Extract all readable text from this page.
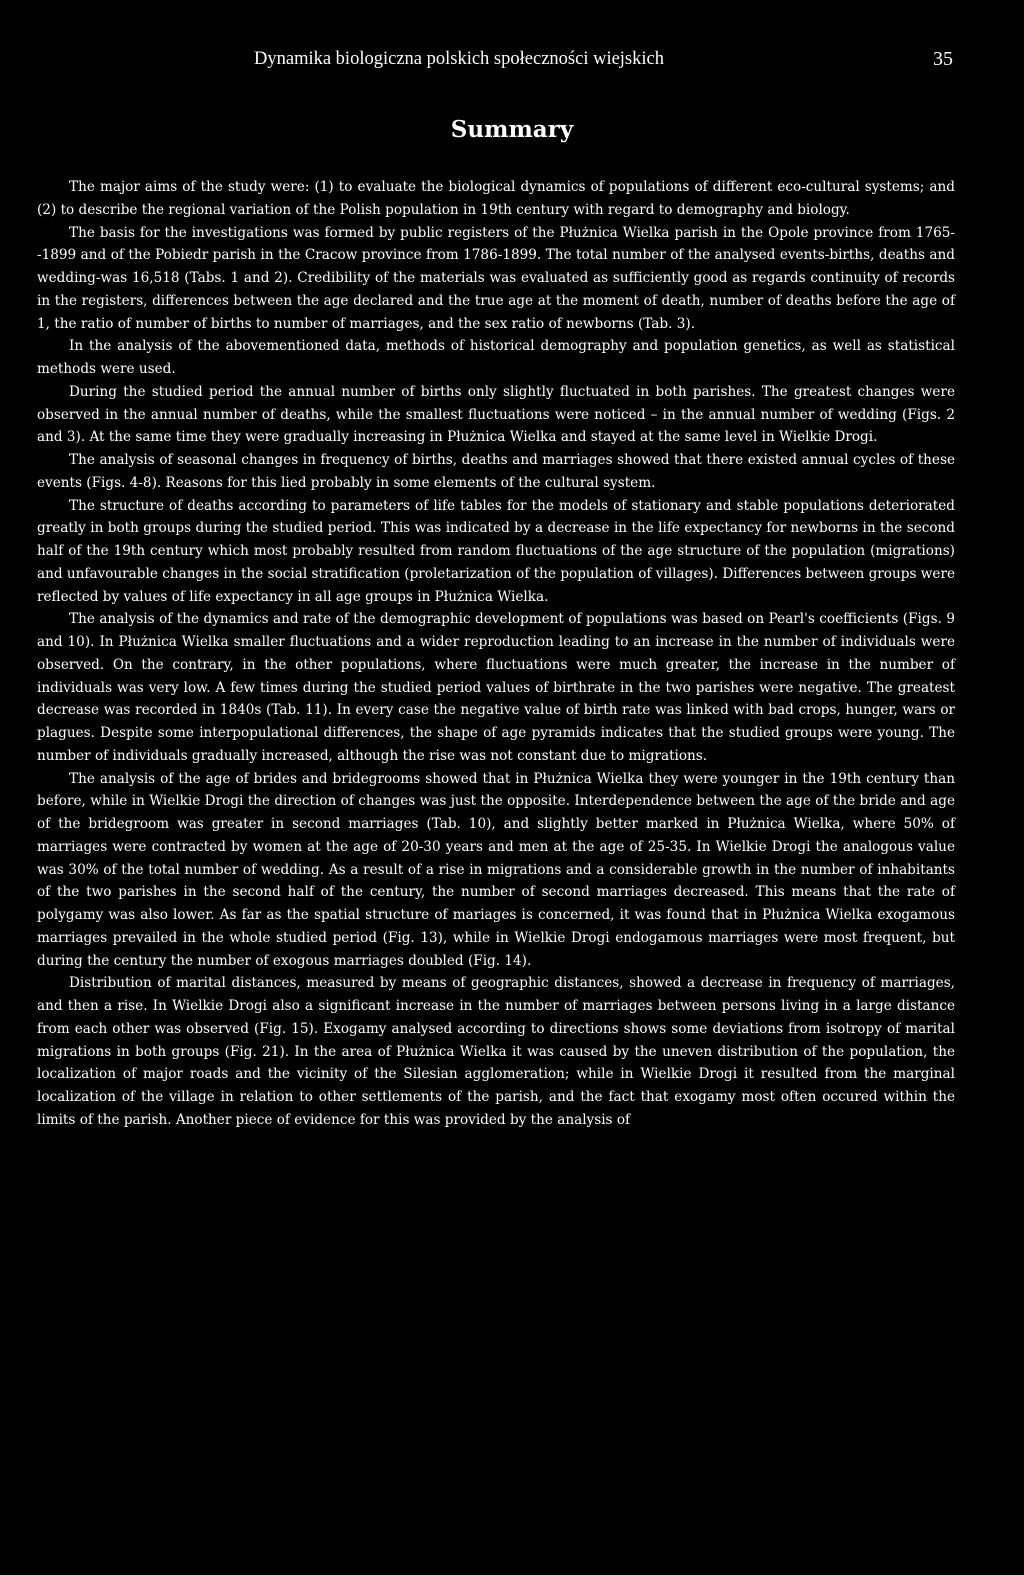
Dynamika biologiczna polskich społeczności wiejskich	35
Summary

The major aims of the study were: (1) to evaluate the biological dynamics of populations of different eco-cultural systems; and (2) to describe the regional variation of the Polish population in 19th century with regard to demography and biology.

The basis for the investigations was formed by public registers of the Płużnica Wielka parish in the Opole province from 1765--1899 and of the Pobiedr parish in the Cracow province from 1786-1899. The total number of the analysed events-births, deaths and wedding-was 16,518 (Tabs. 1 and 2). Credibility of the materials was evaluated as sufficiently good as regards continuity of records in the registers, differences between the age declared and the true age at the moment of death, number of deaths before the age of 1, the ratio of number of births to number of marriages, and the sex ratio of newborns (Tab. 3).

In the analysis of the abovementioned data, methods of historical demography and population genetics, as well as statistical methods were used.

During the studied period the annual number of births only slightly fluctuated in both parishes. The greatest changes were observed in the annual number of deaths, while the smallest fluctuations were noticed – in the annual number of wedding (Figs. 2 and 3). At the same time they were gradually increasing in Płużnica Wielka and stayed at the same level in Wielkie Drogi.

The analysis of seasonal changes in frequency of births, deaths and marriages showed that there existed annual cycles of these events (Figs. 4-8). Reasons for this lied probably in some elements of the cultural system.

The structure of deaths according to parameters of life tables for the models of stationary and stable populations deteriorated greatly in both groups during the studied period. This was indicated by a decrease in the life expectancy for newborns in the second half of the 19th century which most probably resulted from random fluctuations of the age structure of the population (migrations) and unfavourable changes in the social stratification (proletarization of the population of villages). Differences between groups were reflected by values of life expectancy in all age groups in Płużnica Wielka.

The analysis of the dynamics and rate of the demographic development of populations was based on Pearl's coefficients (Figs. 9 and 10). In Płużnica Wielka smaller fluctuations and a wider reproduction leading to an increase in the number of individuals were observed. On the contrary, in the other populations, where fluctuations were much greater, the increase in the number of individuals was very low. A few times during the studied period values of birthrate in the two parishes were negative. The greatest decrease was recorded in 1840s (Tab. 11). In every case the negative value of birth rate was linked with bad crops, hunger, wars or plagues. Despite some interpopulational differences, the shape of age pyramids indicates that the studied groups were young. The number of individuals gradually increased, although the rise was not constant due to migrations.

The analysis of the age of brides and bridegrooms showed that in Płużnica Wielka they were younger in the 19th century than before, while in Wielkie Drogi the direction of changes was just the opposite. Interdependence between the age of the bride and age of the bridegroom was greater in second marriages (Tab. 10), and slightly better marked in Płużnica Wielka, where 50% of marriages were contracted by women at the age of 20-30 years and men at the age of 25-35. In Wielkie Drogi the analogous value was 30% of the total number of wedding. As a result of a rise in migrations and a considerable growth in the number of inhabitants of the two parishes in the second half of the century, the number of second marriages decreased. This means that the rate of polygamy was also lower. As far as the spatial structure of mariages is concerned, it was found that in Płużnica Wielka exogamous marriages prevailed in the whole studied period (Fig. 13), while in Wielkie Drogi endogamous marriages were most frequent, but during the century the number of exogous marriages doubled (Fig. 14).

Distribution of marital distances, measured by means of geographic distances, showed a decrease in frequency of marriages, and then a rise. In Wielkie Drogi also a significant increase in the number of marriages between persons living in a large distance from each other was observed (Fig. 15). Exogamy analysed according to directions shows some deviations from isotropy of marital migrations in both groups (Fig. 21). In the area of Płużnica Wielka it was caused by the uneven distribution of the population, the localization of major roads and the vicinity of the Silesian agglomeration; while in Wielkie Drogi it resulted from the marginal localization of the village in relation to other settlements of the parish, and the fact that exogamy most often occured within the limits of the parish. Another piece of evidence for this was provided by the analysis of
